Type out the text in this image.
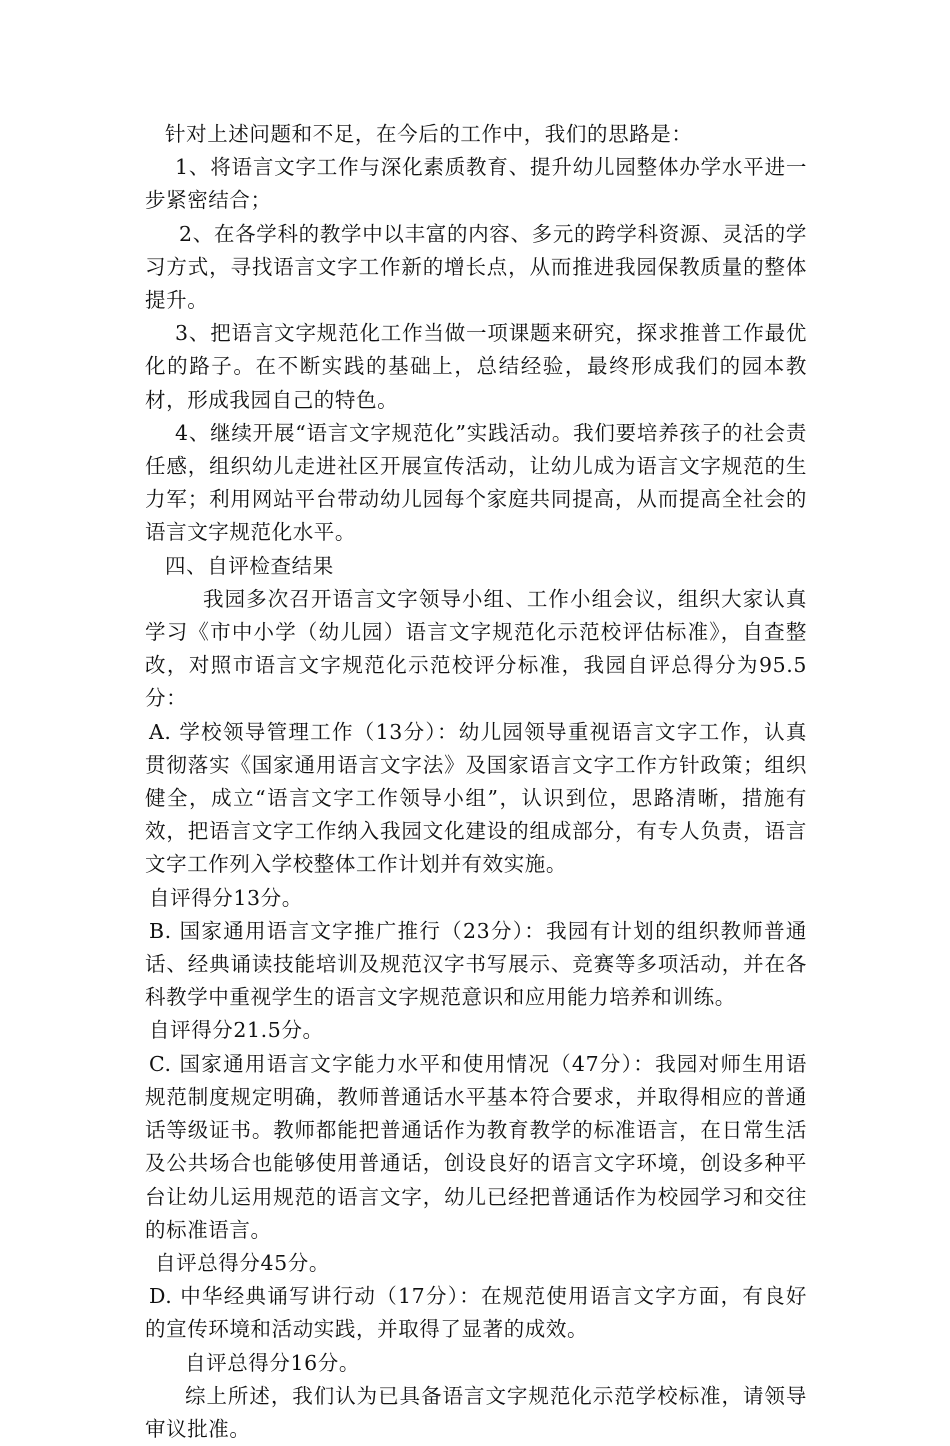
针对上述问题和不足，在今后的工作中，我们的思路是：

1、将语言文字工作与深化素质教育、提升幼儿园整体办学水平进一步紧密结合；

2、在各学科的教学中以丰富的内容、多元的跨学科资源、灵活的学习方式，寻找语言文字工作新的增长点，从而推进我园保教质量的整体提升。

3、把语言文字规范化工作当做一项课题来研究，探求推普工作最优化的路子。在不断实践的基础上，总结经验，最终形成我们的园本教材，形成我园自己的特色。

4、继续开展“语言文字规范化”实践活动。我们要培养孩子的社会责任感，组织幼儿走进社区开展宣传活动，让幼儿成为语言文字规范的生力军；利用网站平台带动幼儿园每个家庭共同提高，从而提高全社会的语言文字规范化水平。

四、自评检查结果

我园多次召开语言文字领导小组、工作小组会议，组织大家认真学习《市中小学（幼儿园）语言文字规范化示范校评估标准》，自查整改，对照市语言文字规范化示范校评分标准，我园自评总得分为95.5分：

A. 学校领导管理工作（13分）：幼儿园领导重视语言文字工作，认真贯彻落实《国家通用语言文字法》及国家语言文字工作方针政策；组织健全，成立“语言文字工作领导小组”，认识到位，思路清晰，措施有效，把语言文字工作纳入我园文化建设的组成部分，有专人负责，语言文字工作列入学校整体工作计划并有效实施。

自评得分13分。

B. 国家通用语言文字推广推行（23分）：我园有计划的组织教师普通话、经典诵读技能培训及规范汉字书写展示、竞赛等多项活动，并在各科教学中重视学生的语言文字规范意识和应用能力培养和训练。

自评得分21.5分。

C. 国家通用语言文字能力水平和使用情况（47分）：我园对师生用语规范制度规定明确，教师普通话水平基本符合要求，并取得相应的普通话等级证书。教师都能把普通话作为教育教学的标准语言，在日常生活及公共场合也能够使用普通话，创设良好的语言文字环境，创设多种平台让幼儿运用规范的语言文字，幼儿已经把普通话作为校园学习和交往的标准语言。

自评总得分45分。

D. 中华经典诵写讲行动（17分）：在规范使用语言文字方面，有良好的宣传环境和活动实践，并取得了显著的成效。

自评总得分16分。

综上所述，我们认为已具备语言文字规范化示范学校标准，请领导审议批准。
